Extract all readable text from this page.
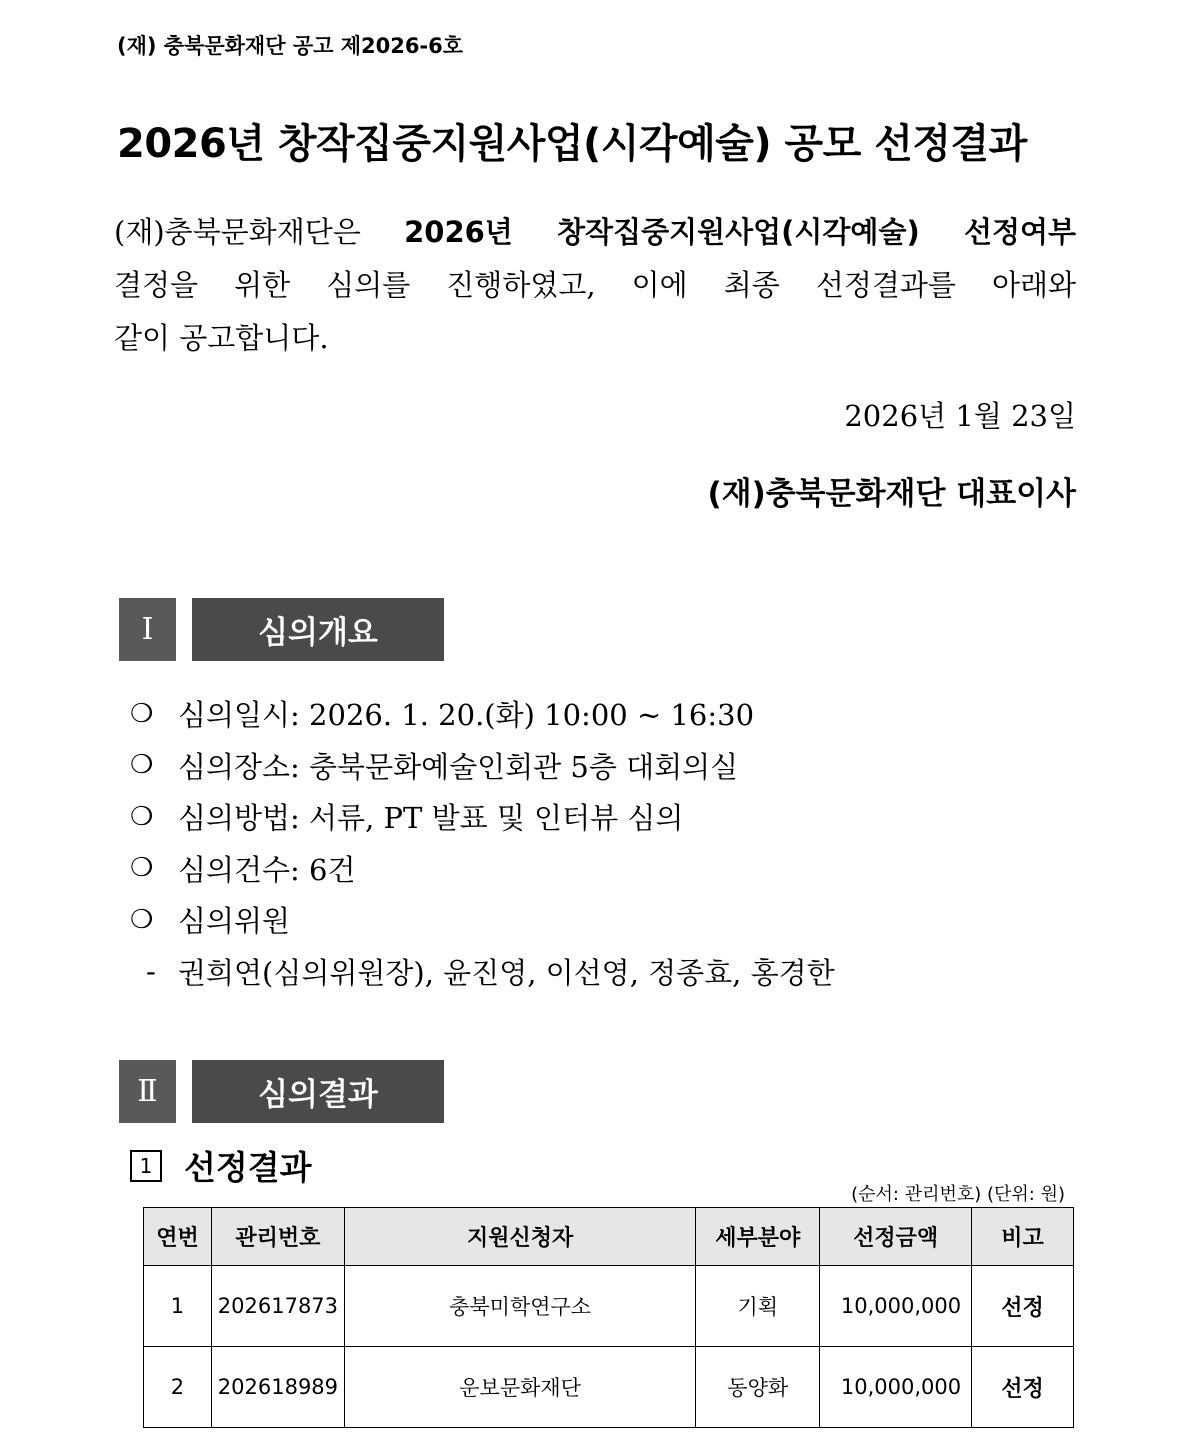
(재) 충북문화재단 공고 제2026-6호
2026년 창작집중지원사업(시각예술) 공모 선정결과

(재)충북문화재단은 2026년 창작집중지원사업(시각예술) 선정여부

결정을 위한 심의를 진행하였고, 이에 최종 선정결과를 아래와

같이 공고합니다.

2026년 1월 23일
(재)충북문화재단 대표이사
Ⅰ	심의개요
❍ 심의일시: 2026. 1. 20.(화) 10:00 ~ 16:30
❍ 심의장소: 충북문화예술인회관 5층 대회의실
❍ 심의방법: 서류, PT 발표 및 인터뷰 심의
❍ 심의건수: 6건
❍ 심의위원
- 권희연(심의위원장), 윤진영, 이선영, 정종효, 홍경한
Ⅱ	심의결과
1 선정결과
(순서: 관리번호) (단위: 원)
연번	관리번호	지원신청자	세부분야	선정금액	비고
1	202617873	충북미학연구소	기획	10,000,000	선정
2	202618989	운보문화재단	동양화	10,000,000	선정
